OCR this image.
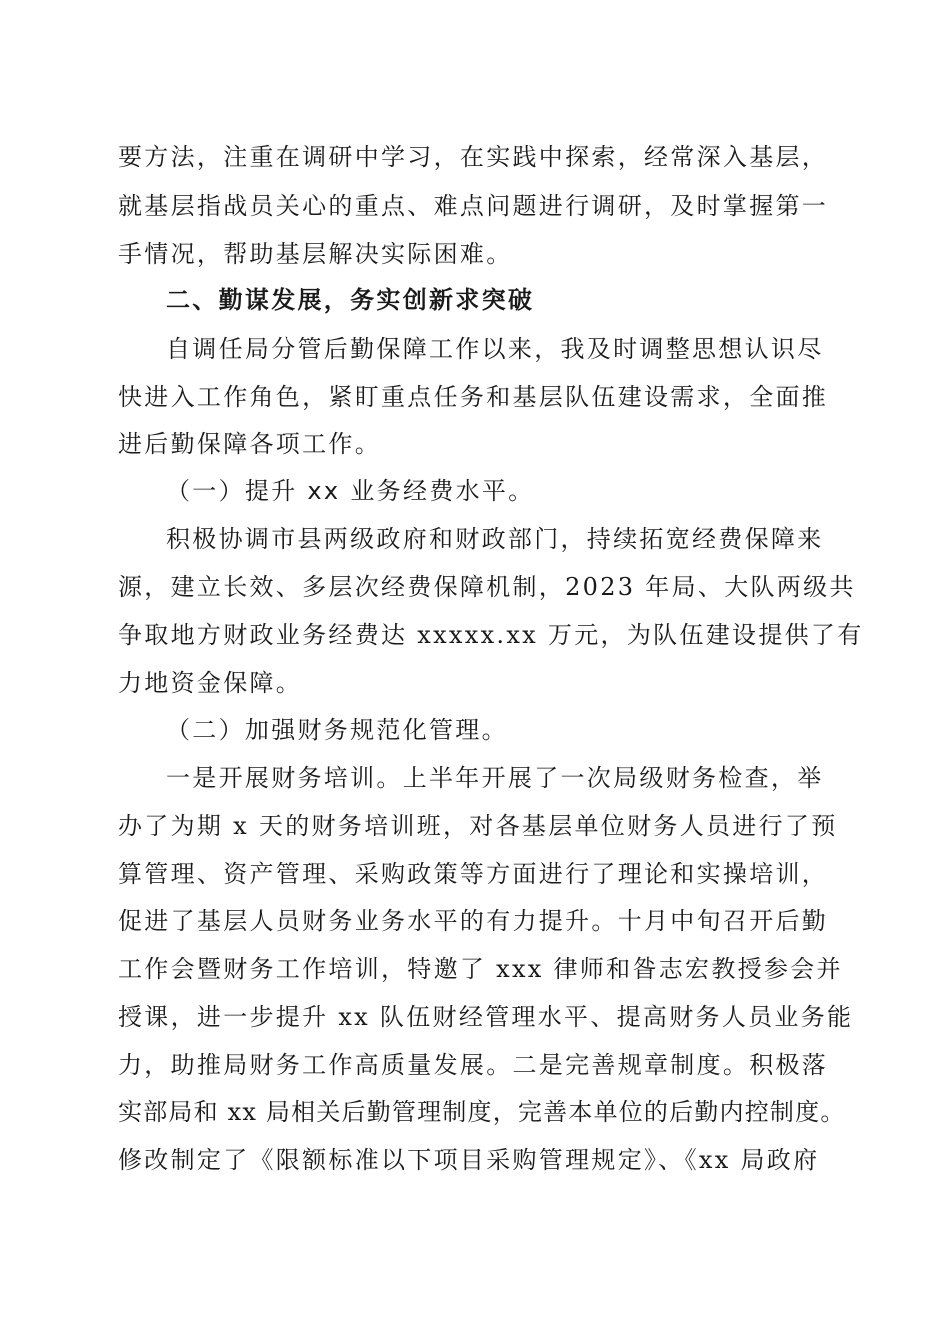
要方法，注重在调研中学习，在实践中探索，经常深入基层，

就基层指战员关心的重点、难点问题进行调研，及时掌握第一

手情况，帮助基层解决实际困难。

二、勤谋发展，务实创新求突破

自调任局分管后勤保障工作以来，我及时调整思想认识尽

快进入工作角色，紧盯重点任务和基层队伍建设需求，全面推

进后勤保障各项工作。

（一）提升 xx 业务经费水平。

积极协调市县两级政府和财政部门，持续拓宽经费保障来

源，建立长效、多层次经费保障机制，2023 年局、大队两级共

争取地方财政业务经费达 xxxxx.xx 万元，为队伍建设提供了有

力地资金保障。

（二）加强财务规范化管理。

一是开展财务培训。上半年开展了一次局级财务检查，举

办了为期 x 天的财务培训班，对各基层单位财务人员进行了预

算管理、资产管理、采购政策等方面进行了理论和实操培训，

促进了基层人员财务业务水平的有力提升。十月中旬召开后勤

工作会暨财务工作培训，特邀了 xxx 律师和昝志宏教授参会并

授课，进一步提升 xx 队伍财经管理水平、提高财务人员业务能

力，助推局财务工作高质量发展。二是完善规章制度。积极落

实部局和 xx 局相关后勤管理制度，完善本单位的后勤内控制度。

修改制定了《限额标准以下项目采购管理规定》、《xx 局政府
